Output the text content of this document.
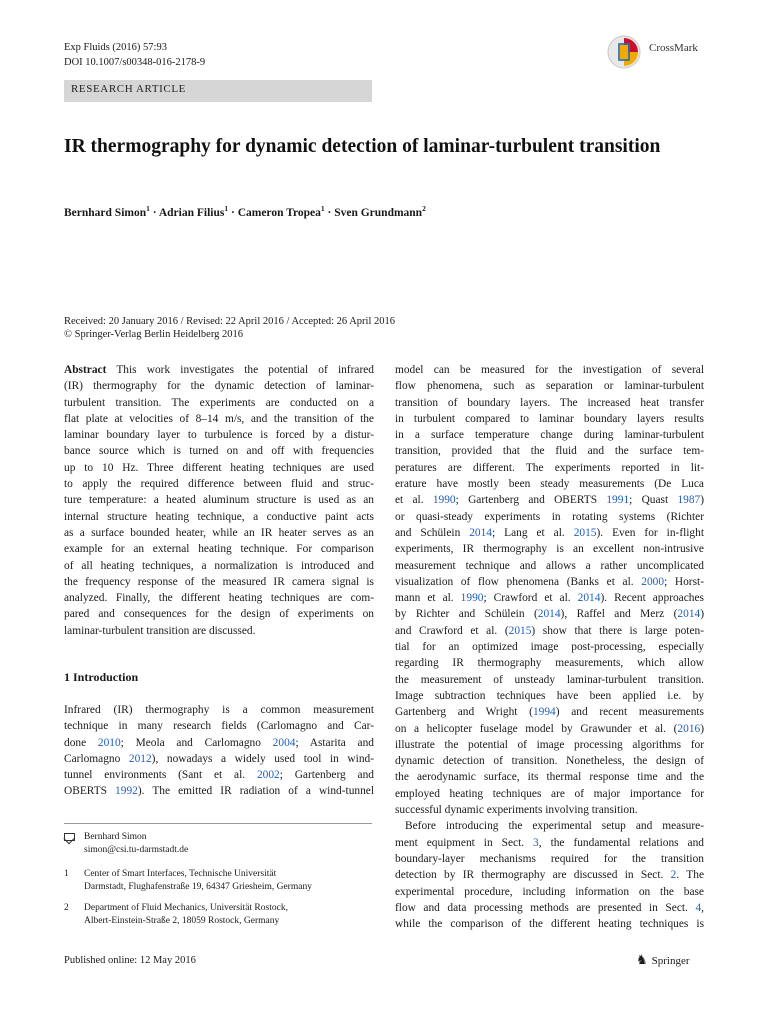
Exp Fluids (2016) 57:93
DOI 10.1007/s00348-016-2178-9
CrossMark
RESEARCH ARTICLE
IR thermography for dynamic detection of laminar-turbulent transition
Bernhard Simon$^1$ · Adrian Filius$^1$ · Cameron Tropea$^1$ · Sven Grundmann$^2$
Received: 20 January 2016 / Revised: 22 April 2016 / Accepted: 26 April 2016
© Springer-Verlag Berlin Heidelberg 2016
Abstract This work investigates the potential of infrared
(IR) thermography for the dynamic detection of laminar-
turbulent transition. The experiments are conducted on a
flat plate at velocities of 8–14 m/s, and the transition of the
laminar boundary layer to turbulence is forced by a distur-
bance source which is turned on and off with frequencies
up to 10 Hz. Three different heating techniques are used
to apply the required difference between fluid and struc-
ture temperature: a heated aluminum structure is used as an
internal structure heating technique, a conductive paint acts
as a surface bounded heater, while an IR heater serves as an
example for an external heating technique. For comparison
of all heating techniques, a normalization is introduced and
the frequency response of the measured IR camera signal is
analyzed. Finally, the different heating techniques are com-
pared and consequences for the design of experiments on
laminar-turbulent transition are discussed.
1 Introduction
Infrared (IR) thermography is a common measurement
technique in many research fields (Carlomagno and Car-
done 2010; Meola and Carlomagno 2004; Astarita and
Carlomagno 2012), nowadays a widely used tool in wind-
tunnel environments (Sant et al. 2002; Gartenberg and
OBERTS 1992). The emitted IR radiation of a wind-tunnel
model can be measured for the investigation of several
flow phenomena, such as separation or laminar-turbulent
transition of boundary layers. The increased heat transfer
in turbulent compared to laminar boundary layers results
in a surface temperature change during laminar-turbulent
transition, provided that the fluid and the surface tem-
peratures are different. The experiments reported in lit-
erature have mostly been steady measurements (De Luca
et al. 1990; Gartenberg and OBERTS 1991; Quast 1987)
or quasi-steady experiments in rotating systems (Richter
and Schülein 2014; Lang et al. 2015). Even for in-flight
experiments, IR thermography is an excellent non-intrusive
measurement technique and allows a rather uncomplicated
visualization of flow phenomena (Banks et al. 2000; Horst-
mann et al. 1990; Crawford et al. 2014). Recent approaches
by Richter and Schülein (2014), Raffel and Merz (2014)
and Crawford et al. (2015) show that there is large poten-
tial for an optimized image post-processing, especially
regarding IR thermography measurements, which allow
the measurement of unsteady laminar-turbulent transition.
Image subtraction techniques have been applied i.e. by
Gartenberg and Wright (1994) and recent measurements
on a helicopter fuselage model by Grawunder et al. (2016)
illustrate the potential of image processing algorithms for
dynamic detection of transition. Nonetheless, the design of
the aerodynamic surface, its thermal response time and the
employed heating techniques are of major importance for
successful dynamic experiments involving transition.
Before introducing the experimental setup and measure-
ment equipment in Sect. 3, the fundamental relations and
boundary-layer mechanisms required for the transition
detection by IR thermography are discussed in Sect. 2. The
experimental procedure, including information on the base
flow and data processing methods are presented in Sect. 4,
while the comparison of the different heating techniques is
Bernhard Simon
simon@csi.tu-darmstadt.de
1 Center of Smart Interfaces, Technische Universität
Darmstadt, Flughafenstraße 19, 64347 Griesheim, Germany
2 Department of Fluid Mechanics, Universität Rostock,
Albert-Einstein-Straße 2, 18059 Rostock, Germany
Published online: 12 May 2016	♞ Springer
